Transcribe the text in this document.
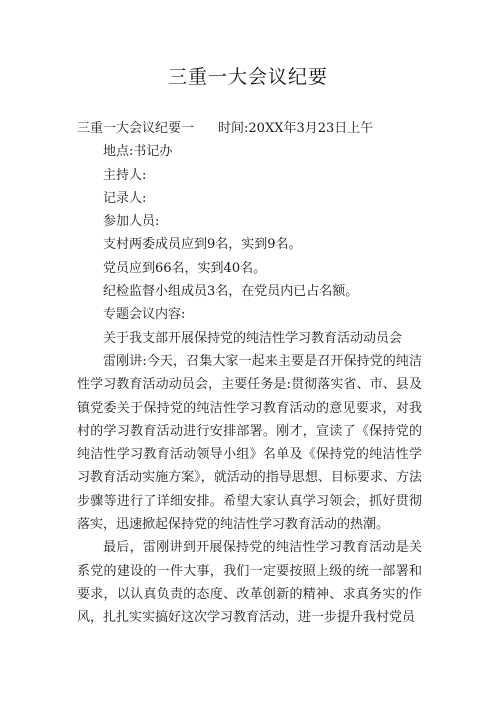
三重一大会议纪要
三重一大会议纪要一 时间:20XX年3月23日上午
地点:书记办
主持人:
记录人:
参加人员:
支村两委成员应到9名，实到9名。
党员应到66名，实到40名。
纪检监督小组成员3名，在党员内已占名额。
专题会议内容:
关于我支部开展保持党的纯洁性学习教育活动动员会

雷刚讲:今天，召集大家一起来主要是召开保持党的纯洁性学习教育活动动员会，主要任务是:贯彻落实省、市、县及镇党委关于保持党的纯洁性学习教育活动的意见要求，对我村的学习教育活动进行安排部署。刚才，宣读了《保持党的纯洁性学习教育活动领导小组》名单及《保持党的纯洁性学习教育活动实施方案》，就活动的指导思想、目标要求、方法步骤等进行了详细安排。希望大家认真学习领会，抓好贯彻落实，迅速掀起保持党的纯洁性学习教育活动的热潮。

最后，雷刚讲到开展保持党的纯洁性学习教育活动是关系党的建设的一件大事，我们一定要按照上级的统一部署和要求，以认真负责的态度、改革创新的精神、求真务实的作风，扎扎实实搞好这次学习教育活动，进一步提升我村党员
